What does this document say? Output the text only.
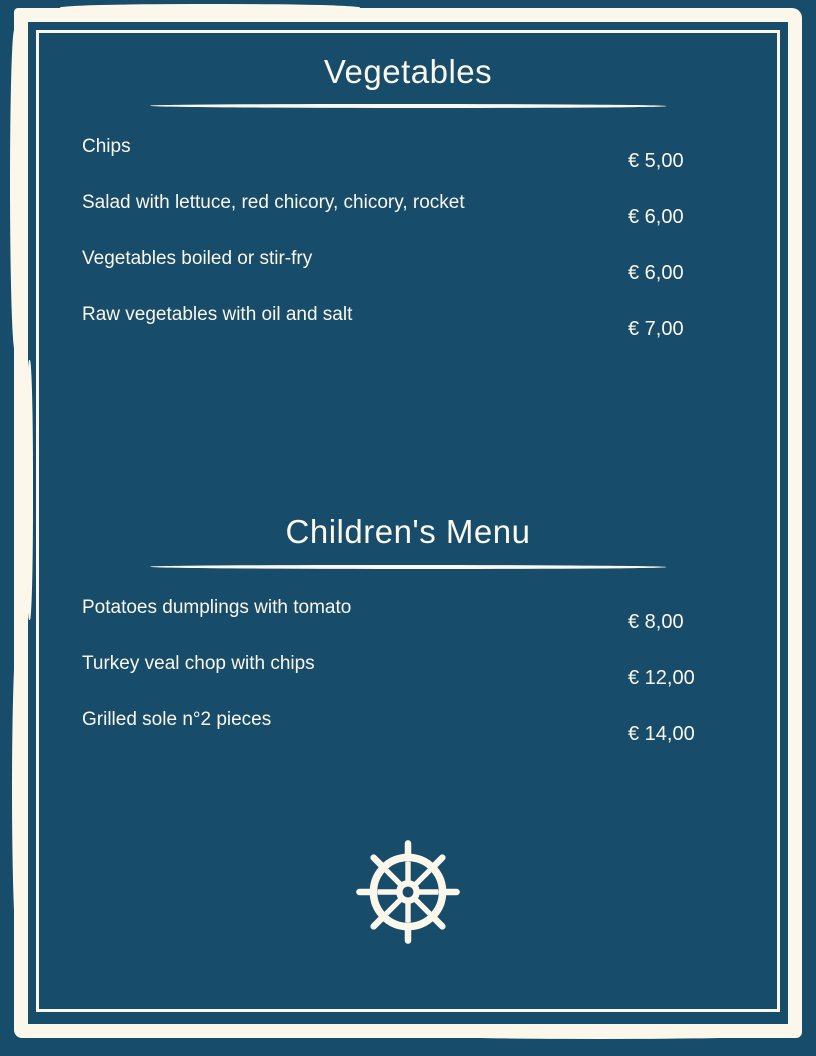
Vegetables
Chips
€ 5,00
Salad with lettuce, red chicory, chicory, rocket
€ 6,00
Vegetables boiled or stir-fry
€ 6,00
Raw vegetables with oil and salt
€ 7,00
Children's Menu
Potatoes dumplings with tomato
€ 8,00
Turkey veal chop with chips
€ 12,00
Grilled sole n°2 pieces
€ 14,00
